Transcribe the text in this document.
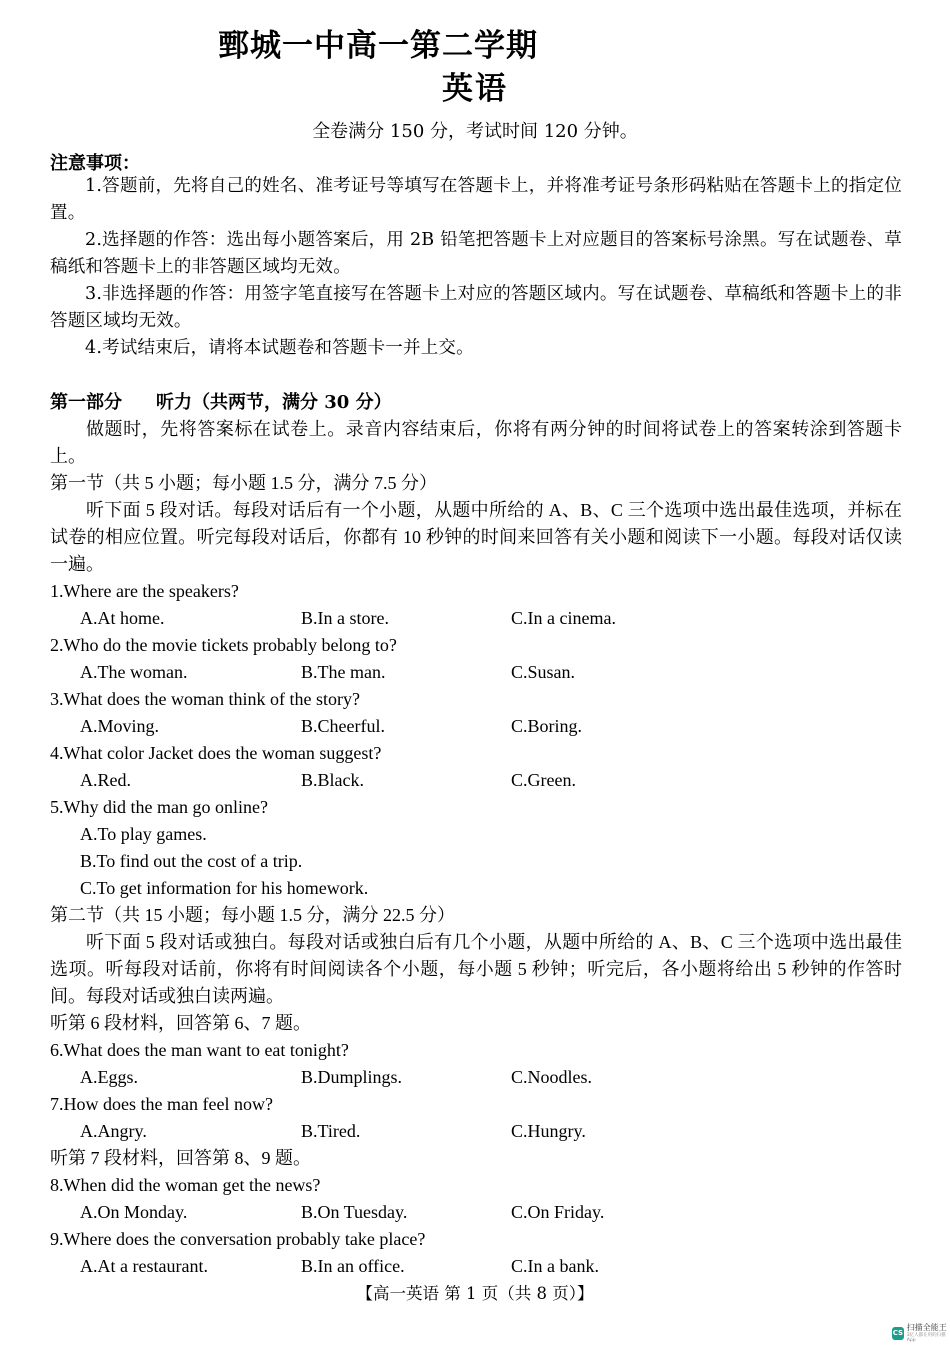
鄄城一中高一第二学期
英语
全卷满分 150 分，考试时间 120 分钟。
注意事项：

1.答题前，先将自己的姓名、准考证号等填写在答题卡上，并将准考证号条形码粘贴在答题卡上的指定位置。

2.选择题的作答：选出每小题答案后，用 2B 铅笔把答题卡上对应题目的答案标号涂黑。写在试题卷、草稿纸和答题卡上的非答题区域均无效。

3.非选择题的作答：用签字笔直接写在答题卡上对应的答题区域内。写在试题卷、草稿纸和答题卡上的非答题区域均无效。

4.考试结束后，请将本试题卷和答题卡一并上交。

第一部分 听力（共两节，满分 30 分）

做题时，先将答案标在试卷上。录音内容结束后，你将有两分钟的时间将试卷上的答案转涂到答题卡上。

第一节（共 5 小题；每小题 1.5 分，满分 7.5 分）

听下面 5 段对话。每段对话后有一个小题，从题中所给的 A、B、C 三个选项中选出最佳选项，并标在试卷的相应位置。听完每段对话后，你都有 10 秒钟的时间来回答有关小题和阅读下一小题。每段对话仅读一遍。

1.Where are the speakers?
A.At home.	B.In a store.	C.In a cinema.
2.Who do the movie tickets probably belong to?
A.The woman.	B.The man.	C.Susan.
3.What does the woman think of the story?
A.Moving.	B.Cheerful.	C.Boring.
4.What color Jacket does the woman suggest?
A.Red.	B.Black.	C.Green.
5.Why did the man go online?
A.To play games.
B.To find out the cost of a trip.
C.To get information for his homework.
第二节（共 15 小题；每小题 1.5 分，满分 22.5 分）

听下面 5 段对话或独白。每段对话或独白后有几个小题，从题中所给的 A、B、C 三个选项中选出最佳选项。听每段对话前，你将有时间阅读各个小题，每小题 5 秒钟；听完后，各小题将给出 5 秒钟的作答时间。每段对话或独白读两遍。

听第 6 段材料，回答第 6、7 题。
6.What does the man want to eat tonight?
A.Eggs.	B.Dumplings.	C.Noodles.
7.How does the man feel now?
A.Angry.	B.Tired.	C.Hungry.
听第 7 段材料，回答第 8、9 题。
8.When did the woman get the news?
A.On Monday.	B.On Tuesday.	C.On Friday.
9.Where does the conversation probably take place?
A.At a restaurant.	B.In an office.	C.In a bank.
【高一英语 第 1 页（共 8 页）】
CS
扫描全能王
3亿人都在用的扫描App
